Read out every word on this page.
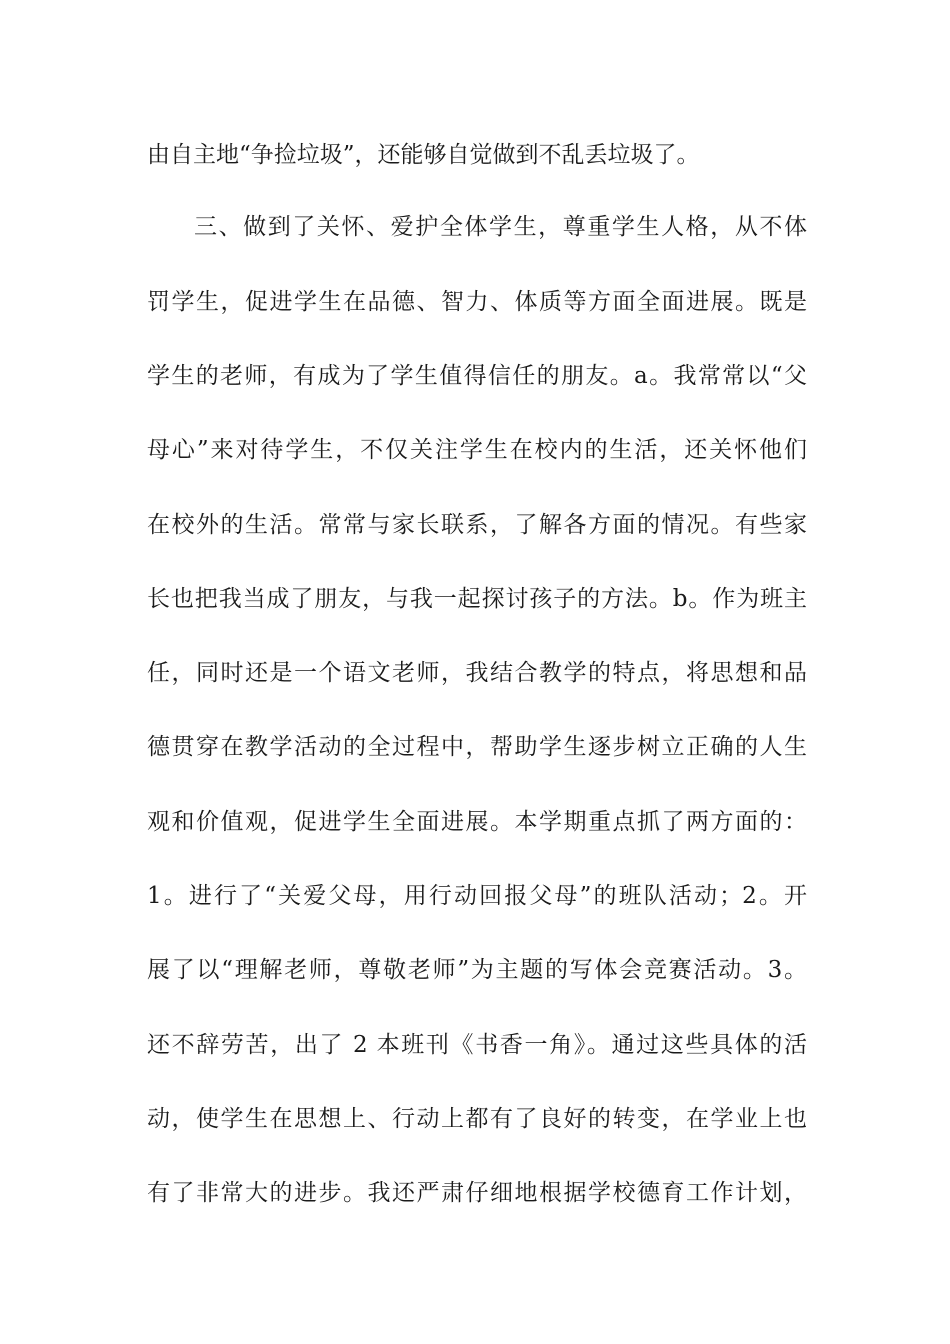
由自主地“争捡垃圾”，还能够自觉做到不乱丢垃圾了。
三、做到了关怀、爱护全体学生，尊重学生人格，从不体
罚学生，促进学生在品德、智力、体质等方面全面进展。既是
学生的老师，有成为了学生值得信任的朋友。a。我常常以“父
母心”来对待学生，不仅关注学生在校内的生活，还关怀他们
在校外的生活。常常与家长联系，了解各方面的情况。有些家
长也把我当成了朋友，与我一起探讨孩子的方法。b。作为班主
任，同时还是一个语文老师，我结合教学的特点，将思想和品
德贯穿在教学活动的全过程中，帮助学生逐步树立正确的人生
观和价值观，促进学生全面进展。本学期重点抓了两方面的：
1。进行了“关爱父母，用行动回报父母”的班队活动；2。开
展了以“理解老师，尊敬老师”为主题的写体会竞赛活动。3。
还不辞劳苦，出了 2 本班刊《书香一角》。通过这些具体的活
动，使学生在思想上、行动上都有了良好的转变，在学业上也
有了非常大的进步。我还严肃仔细地根据学校德育工作计划，
